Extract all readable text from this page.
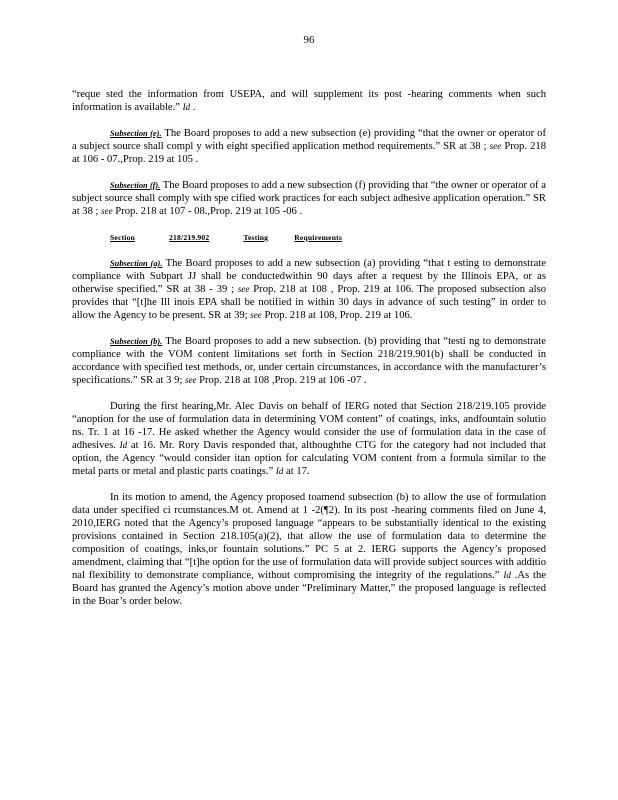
96

“reque sted the information from USEPA, and will supplement its post -hearing comments when such information is available.” Id .

Subsection (e). The Board proposes to add a new subsection (e) providing “that the owner or operator of a subject source shall compl y with eight specified application method requirements.” SR at 38 ; see Prop. 218 at 106 - 07.,Prop. 219 at 105 .

Subsection (f). The Board proposes to add a new subsection (f) providing that “the owner or operator of a subject source shall comply with spe cified work practices for each subject adhesive application operation.” SR at 38 ; see Prop. 218 at 107 - 08.,Prop. 219 at 105 -06 .

Section	218/219.902	Testing	Requirements

Subsection (a). The Board proposes to add a new subsection (a) providing “that t esting to demonstrate compliance with Subpart JJ shall be conductedwithin 90 days after a request by the Illinois EPA, or as otherwise specified.” SR at 38 - 39 ; see Prop. 218 at 108 , Prop. 219 at 106. The proposed subsection also provides that “[t]he Ill inois EPA shall be notified in within 30 days in advance of such testing” in order to allow the Agency to be present. SR at 39; see Prop. 218 at 108, Prop. 219 at 106.

Subsection (b). The Board proposes to add a new subsection. (b) providing that “testi ng to demonstrate compliance with the VOM content limitations set forth in Section 218/219.901(b) shall be conducted in accordance with specified test methods, or, under certain circumstances, in accordance with the manufacturer’s specifications.” SR at 3 9; see Prop. 218 at 108 ,Prop. 219 at 106 -07 .

During the first hearing,Mr. Alec Davis on behalf of IERG noted that Section 218/219.105 provide “anoption for the use of formulation data in determining VOM content” of coatings, inks, andfountain solutio ns. Tr. 1 at 16 -17. He asked whether the Agency would consider the use of formulation data in the case of adhesives. Id at 16. Mr. Rory Davis responded that, althoughthe CTG for the category had not included that option, the Agency “would consider itan option for calculating VOM content from a formula similar to the metal parts or metal and plastic parts coatings.” Id at 17.

In its motion to amend, the Agency proposed toamend subsection (b) to allow the use of formulation data under specified ci rcumstances.M ot. Amend at 1 -2(¶2). In its post -hearing comments filed on June 4, 2010,IERG noted that the Agency’s proposed language “appears to be substantially identical to the existing provisions contained in Section 218.105(a)(2), that allow the use of formulation data to determine the composition of coatings, inks,or fountain solutions.” PC 5 at 2. IERG supports the Agency’s proposed amendment, claiming that “[t]he option for the use of formulation data will provide subject sources with additio nal flexibility to demonstrate compliance, without compromising the integrity of the regulations.” Id .As the Board has granted the Agency’s motion above under “Preliminary Matter,” the proposed language is reflected in the Boar’s order below.
